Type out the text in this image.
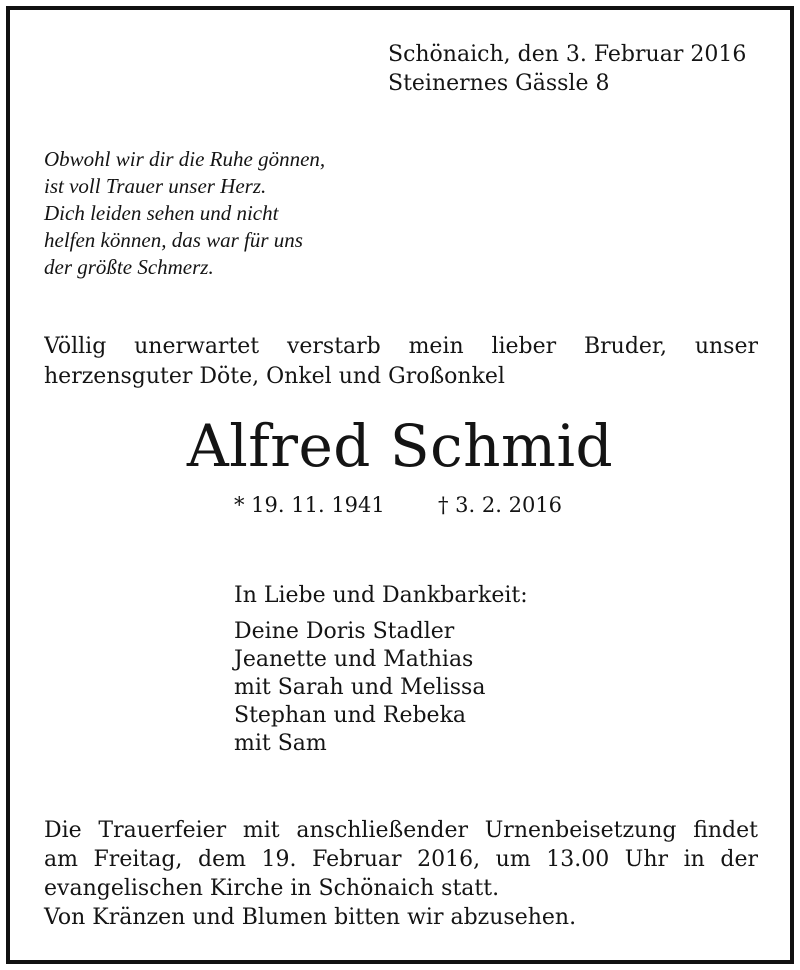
Schönaich, den 3. Februar 2016
Steinernes Gässle 8
Obwohl wir dir die Ruhe gönnen,
ist voll Trauer unser Herz.
Dich leiden sehen und nicht
helfen können, das war für uns
der größte Schmerz.
Völlig unerwartet verstarb mein lieber Bruder, unser
herzensguter Döte, Onkel und Großonkel
Alfred Schmid
* 19. 11. 1941	† 3. 2. 2016
In Liebe und Dankbarkeit:
Deine Doris Stadler
Jeanette und Mathias
mit Sarah und Melissa
Stephan und Rebeka
mit Sam
Die Trauerfeier mit anschließender Urnenbeisetzung findet
am Freitag, dem 19. Februar 2016, um 13.00 Uhr in der
evangelischen Kirche in Schönaich statt.
Von Kränzen und Blumen bitten wir abzusehen.
